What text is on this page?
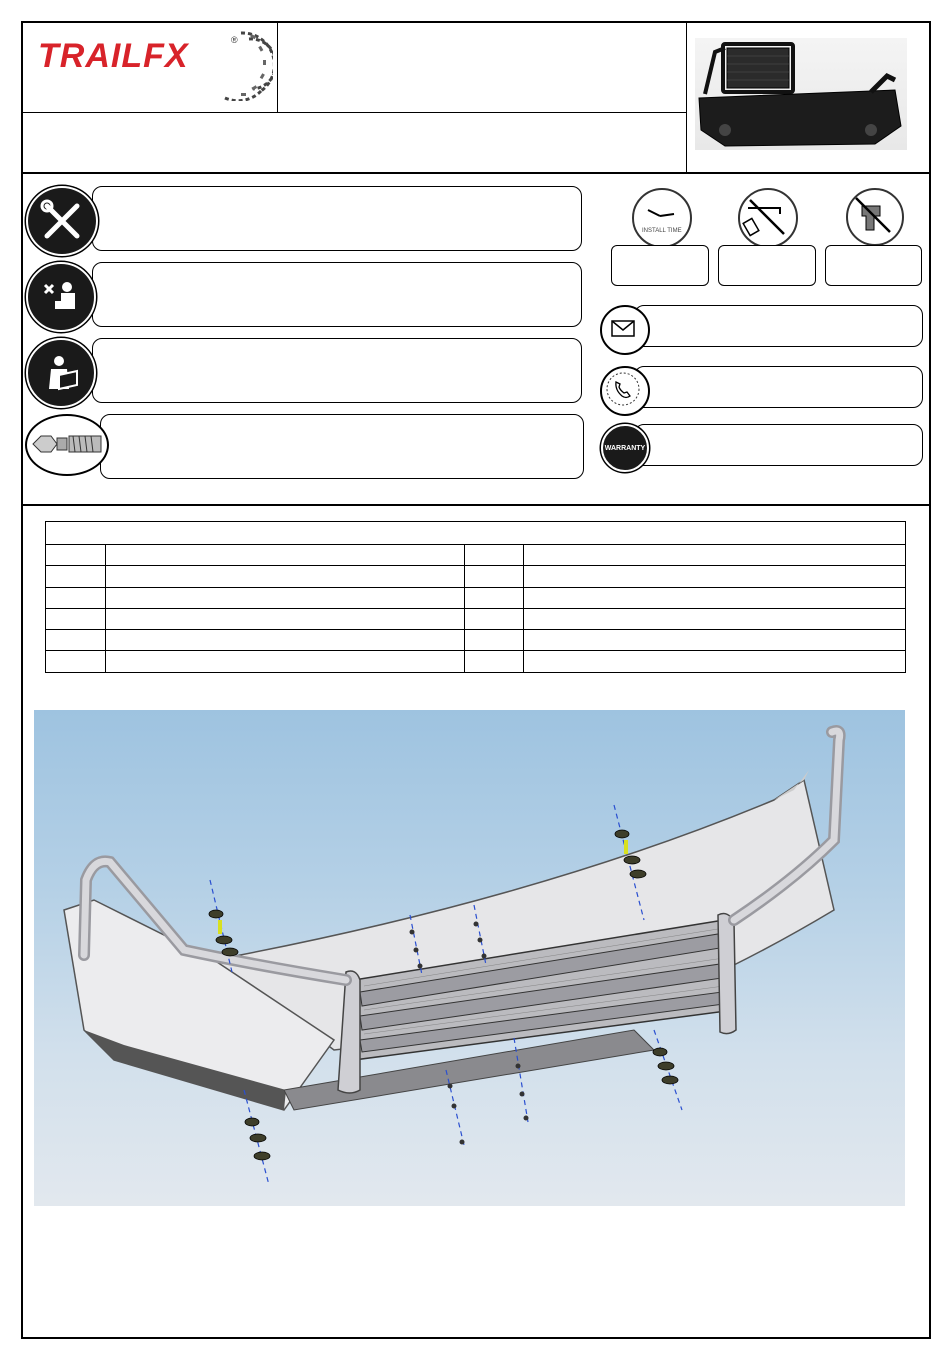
TRAILFX	®
INSTALL TIME
WARRANTY
